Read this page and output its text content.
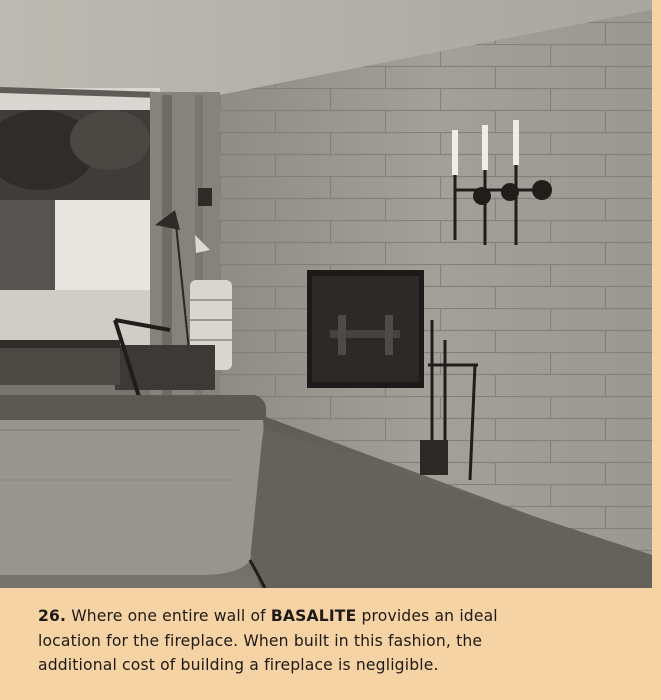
26. Where one entire wall of BASALITE provides an ideal
location for the fireplace. When built in this fashion, the
additional cost of building a fireplace is negligible.
